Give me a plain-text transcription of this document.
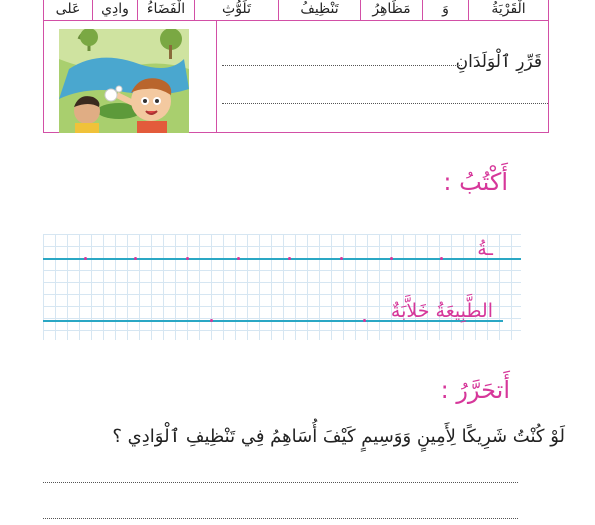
الْقَرْيَةُ
وَ
مَظَاهِرُ
تَنْظِيفُ
تَلَوُّثِ
الْفَضَاءُ
وادِي
عَلى
قَرِّرِ ٱلْوَلَدَانِ
أَكْتُبُ :
ـةُ
الطَّبِيعَةُ خَلاَّبَةٌ
أَتحَرَّرُ :
لَوْ كُنْتُ شَرِيكًا لِأَمِينٍ وَوَسِيمٍ كَيْفَ أُسَاهِمُ فِي تَنْظِيفِ ٱلْوَادِي ؟
